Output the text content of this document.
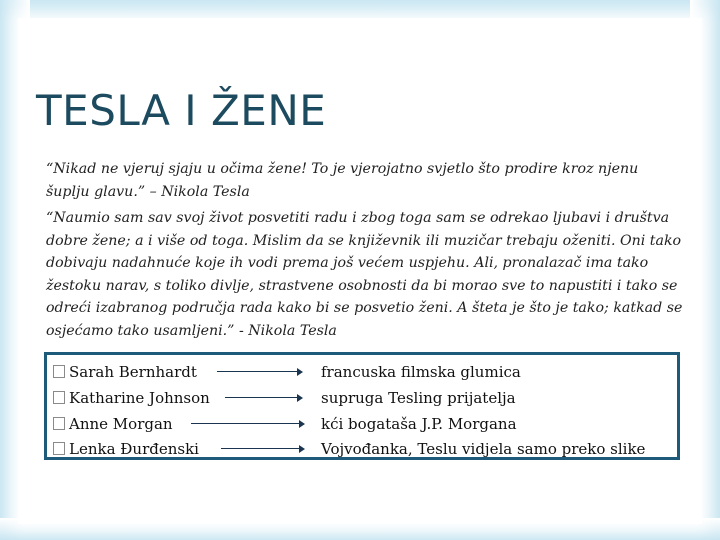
TESLA I ŽENE

“Nikad ne vjeruj sjaju u očima žene! To je vjerojatno svjetlo što prodire kroz njenu šuplju glavu.” – Nikola Tesla

“Naumio sam sav svoj život posvetiti radu i zbog toga sam se odrekao ljubavi i društva dobre žene; a i više od toga. Mislim da se književnik ili muzičar trebaju oženiti. Oni tako dobivaju nadahnuće koje ih vodi prema još većem uspjehu. Ali, pronalazač ima tako žestoku narav, s toliko divlje, strastvene osobnosti da bi morao sve to napustiti i tako se odreći izabranog područja rada kako bi se posvetio ženi. A šteta je što je tako; katkad se osjećamo tako usamljeni.” - Nikola Tesla

Sarah Bernhardt	francuska filmska glumica
Katharine Johnson	supruga Tesling prijatelja
Anne Morgan	kći bogataša J.P. Morgana
Lenka Đurđenski	Vojvođanka, Teslu vidjela samo preko slike
